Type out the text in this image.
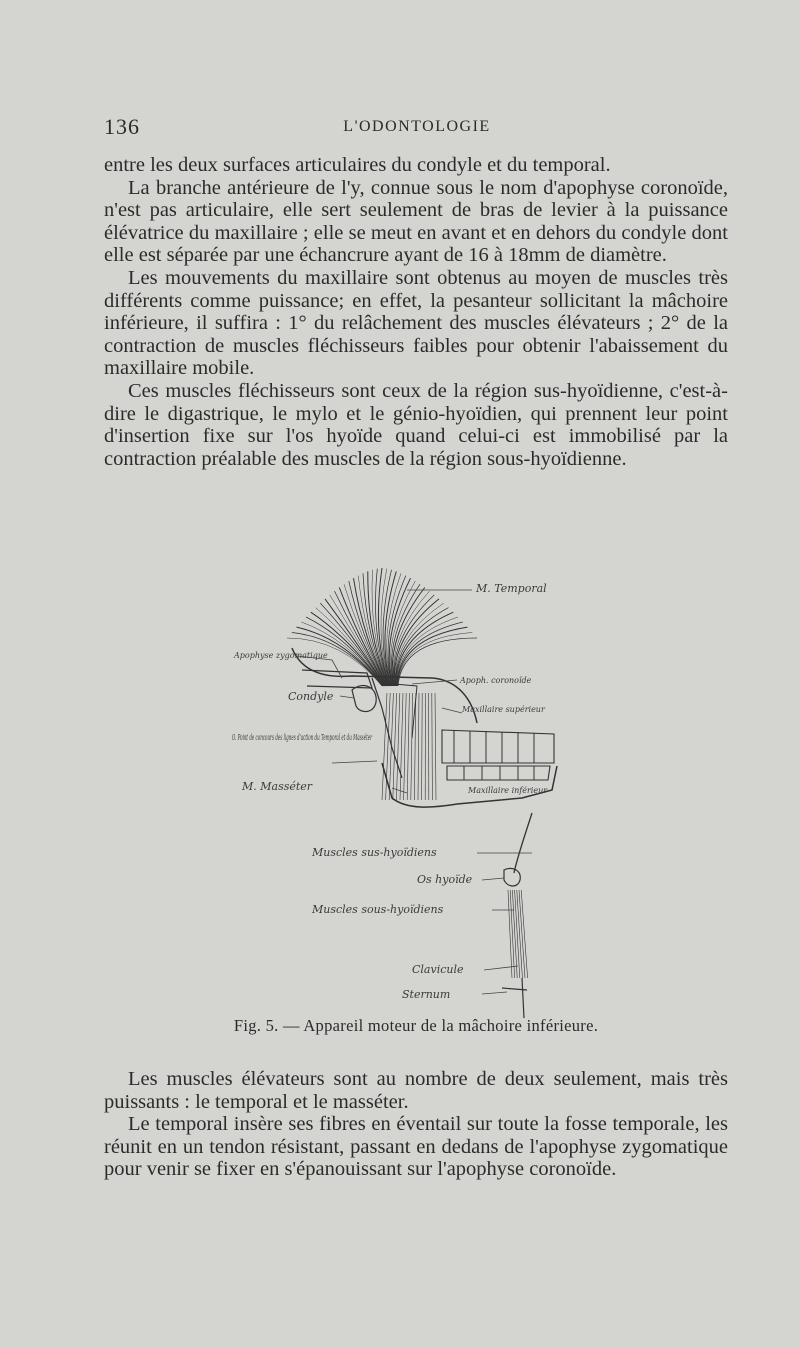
136	L'ODONTOLOGIE

entre les deux surfaces articulaires du condyle et du temporal.

La branche antérieure de l'y, connue sous le nom d'apophyse coronoïde, n'est pas articulaire, elle sert seulement de bras de levier à la puissance élévatrice du maxillaire ; elle se meut en avant et en dehors du condyle dont elle est séparée par une échancrure ayant de 16 à 18mm de diamètre.

Les mouvements du maxillaire sont obtenus au moyen de muscles très différents comme puissance; en effet, la pesanteur sollicitant la mâchoire inférieure, il suffira : 1° du relâchement des muscles élévateurs ; 2° de la contraction de muscles fléchisseurs faibles pour obtenir l'abaissement du maxillaire mobile.

Ces muscles fléchisseurs sont ceux de la région sus-hyoïdienne, c'est-à-dire le digastrique, le mylo et le génio-hyoïdien, qui prennent leur point d'insertion fixe sur l'os hyoïde quand celui-ci est immobilisé par la contraction préalable des muscles de la région sous-hyoïdienne.

M. Temporal
Apophyse zygomatique
Condyle
Apoph. coronoïde
Maxillaire supérieur
O. Point de concours des lignes d'action du Temporal et du Masséter
M. Masséter	Maxillaire inférieur
Muscles sus-hyoïdiens
Os hyoïde
Muscles sous-hyoïdiens
Clavicule
Sternum
Fig. 5. — Appareil moteur de la mâchoire inférieure.

Les muscles élévateurs sont au nombre de deux seulement, mais très puissants : le temporal et le masséter.

Le temporal insère ses fibres en éventail sur toute la fosse temporale, les réunit en un tendon résistant, passant en dedans de l'apophyse zygomatique pour venir se fixer en s'épanouissant sur l'apophyse coronoïde.
